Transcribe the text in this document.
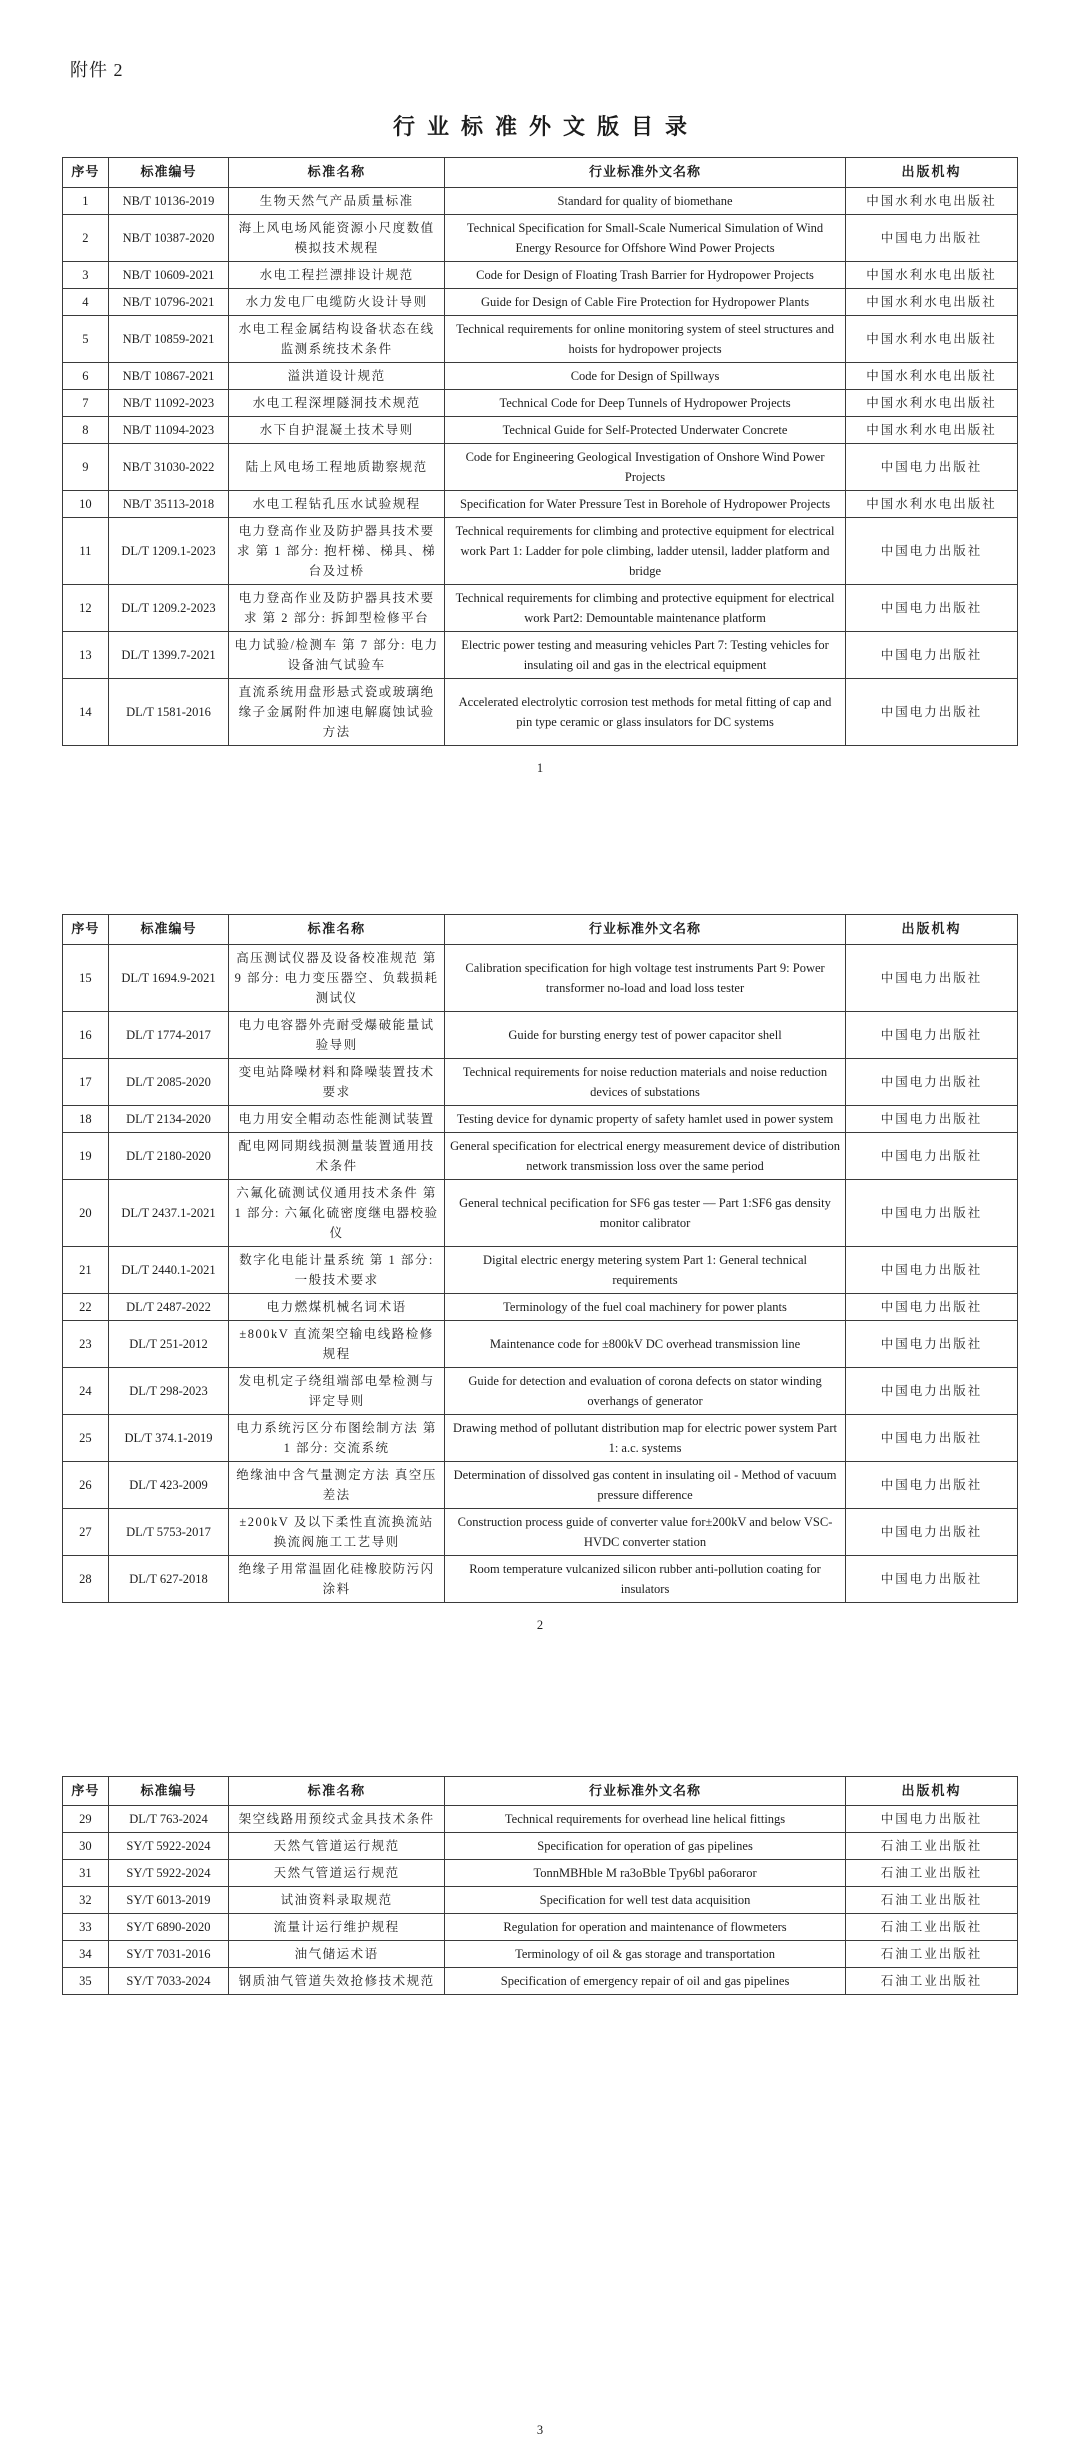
附件 2
行业标准外文版目录
序号	标准编号	标准名称	行业标准外文名称	出版机构
1	NB/T 10136-2019	生物天然气产品质量标准	Standard for quality of biomethane	中国水利水电出版社
2	NB/T 10387-2020	海上风电场风能资源小尺度数值模拟技术规程	Technical Specification for Small-Scale Numerical Simulation of Wind Energy Resource for Offshore Wind Power Projects	中国电力出版社
3	NB/T 10609-2021	水电工程拦漂排设计规范	Code for Design of Floating Trash Barrier for Hydropower Projects	中国水利水电出版社
4	NB/T 10796-2021	水力发电厂电缆防火设计导则	Guide for Design of Cable Fire Protection for Hydropower Plants	中国水利水电出版社
5	NB/T 10859-2021	水电工程金属结构设备状态在线监测系统技术条件	Technical requirements for online monitoring system of steel structures and hoists for hydropower projects	中国水利水电出版社
6	NB/T 10867-2021	溢洪道设计规范	Code for Design of Spillways	中国水利水电出版社
7	NB/T 11092-2023	水电工程深埋隧洞技术规范	Technical Code for Deep Tunnels of Hydropower Projects	中国水利水电出版社
8	NB/T 11094-2023	水下自护混凝土技术导则	Technical Guide for Self-Protected Underwater Concrete	中国水利水电出版社
9	NB/T 31030-2022	陆上风电场工程地质勘察规范	Code for Engineering Geological Investigation of Onshore Wind Power Projects	中国电力出版社
10	NB/T 35113-2018	水电工程钻孔压水试验规程	Specification for Water Pressure Test in Borehole of Hydropower Projects	中国水利水电出版社
11	DL/T 1209.1-2023	电力登高作业及防护器具技术要求 第 1 部分: 抱杆梯、梯具、梯台及过桥	Technical requirements for climbing and protective equipment for electrical work Part 1: Ladder for pole climbing, ladder utensil, ladder platform and bridge	中国电力出版社
12	DL/T 1209.2-2023	电力登高作业及防护器具技术要求 第 2 部分: 拆卸型检修平台	Technical requirements for climbing and protective equipment for electrical work Part2: Demountable maintenance platform	中国电力出版社
13	DL/T 1399.7-2021	电力试验/检测车 第 7 部分: 电力设备油气试验车	Electric power testing and measuring vehicles Part 7: Testing vehicles for insulating oil and gas in the electrical equipment	中国电力出版社
14	DL/T 1581-2016	直流系统用盘形悬式瓷或玻璃绝缘子金属附件加速电解腐蚀试验方法	Accelerated electrolytic corrosion test methods for metal fitting of cap and pin type ceramic or glass insulators for DC systems	中国电力出版社
1
序号	标准编号	标准名称	行业标准外文名称	出版机构
15	DL/T 1694.9-2021	高压测试仪器及设备校准规范 第 9 部分: 电力变压器空、负载损耗测试仪	Calibration specification for high voltage test instruments Part 9: Power transformer no-load and load loss tester	中国电力出版社
16	DL/T 1774-2017	电力电容器外壳耐受爆破能量试验导则	Guide for bursting energy test of power capacitor shell	中国电力出版社
17	DL/T 2085-2020	变电站降噪材料和降噪装置技术要求	Technical requirements for noise reduction materials and noise reduction devices of substations	中国电力出版社
18	DL/T 2134-2020	电力用安全帽动态性能测试装置	Testing device for dynamic property of safety hamlet used in power system	中国电力出版社
19	DL/T 2180-2020	配电网同期线损测量装置通用技术条件	General specification for electrical energy measurement device of distribution network transmission loss over the same period	中国电力出版社
20	DL/T 2437.1-2021	六氟化硫测试仪通用技术条件 第 1 部分: 六氟化硫密度继电器校验仪	General technical pecification for SF6 gas tester — Part 1:SF6 gas density monitor calibrator	中国电力出版社
21	DL/T 2440.1-2021	数字化电能计量系统 第 1 部分: 一般技术要求	Digital electric energy metering system Part 1: General technical requirements	中国电力出版社
22	DL/T 2487-2022	电力燃煤机械名词术语	Terminology of the fuel coal machinery for power plants	中国电力出版社
23	DL/T 251-2012	±800kV 直流架空输电线路检修规程	Maintenance code for ±800kV DC overhead transmission line	中国电力出版社
24	DL/T 298-2023	发电机定子绕组端部电晕检测与评定导则	Guide for detection and evaluation of corona defects on stator winding overhangs of generator	中国电力出版社
25	DL/T 374.1-2019	电力系统污区分布图绘制方法 第 1 部分: 交流系统	Drawing method of pollutant distribution map for electric power system Part 1: a.c. systems	中国电力出版社
26	DL/T 423-2009	绝缘油中含气量测定方法 真空压差法	Determination of dissolved gas content in insulating oil - Method of vacuum pressure difference	中国电力出版社
27	DL/T 5753-2017	±200kV 及以下柔性直流换流站换流阀施工工艺导则	Construction process guide of converter value for±200kV and below VSC-HVDC converter station	中国电力出版社
28	DL/T 627-2018	绝缘子用常温固化硅橡胶防污闪涂料	Room temperature vulcanized silicon rubber anti-pollution coating for insulators	中国电力出版社
2
序号	标准编号	标准名称	行业标准外文名称	出版机构
29	DL/T 763-2024	架空线路用预绞式金具技术条件	Technical requirements for overhead line helical fittings	中国电力出版社
30	SY/T 5922-2024	天然气管道运行规范	Specification for operation of gas pipelines	石油工业出版社
31	SY/T 5922-2024	天然气管道运行规范	TonnMBHble M ra3oBble Tpy6bl pa6oraror	石油工业出版社
32	SY/T 6013-2019	试油资料录取规范	Specification for well test data acquisition	石油工业出版社
33	SY/T 6890-2020	流量计运行维护规程	Regulation for operation and maintenance of flowmeters	石油工业出版社
34	SY/T 7031-2016	油气储运术语	Terminology of oil & gas storage and transportation	石油工业出版社
35	SY/T 7033-2024	钢质油气管道失效抢修技术规范	Specification of emergency repair of oil and gas pipelines	石油工业出版社
3
